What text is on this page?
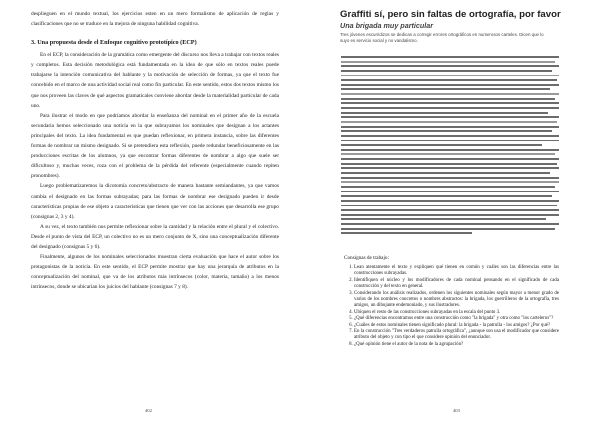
desplieguen en el mundo textual, los ejercicios esten en un mero formalismo de aplicación de reglas y clasificaciones que no se traduce en la mejora de ninguna habilidad cognitiva.

3. Una propuesta desde el Enfoque cognitivo prototípico (ECP)

En el ECP, la consideración de la gramática como emergente del discurso nos lleva a trabajar con textos reales y completos. Esta decisión metodológica está fundamentada en la idea de que sólo en textos reales puede trabajarse la intención comunicativa del hablante y la motivación de selección de formas, ya que el texto fue concebido en el marco de una actividad social real como fin particular. En este sentido, estos dos textos mismo los que nos proveen las claves de qué aspectos gramaticales conviene abordar desde la materialidad particular de cada uno.

Para ilustrar el modo en que podríamos abordar la enseñanza del nominal en el primer año de la escuela secundaria hemos seleccionado una noticia en la que subrayamos los nominales que designan a los actantes principales del texto. La idea fundamental es que puedan reflexionar, en primera instancia, sobre las diferentes formas de nombrar un mismo designado. Si se pretendiera esta reflexión, puede redundar beneficiosamente en las producciones escritas de los alumnos, ya que encontrar formas diferentes de nombrar a algo que suele ser dificultoso y, muchas veces, roza con el problema de la pérdida del referente (especialmente cuando repiten pronombres).

Luego problematizaremos la dicotomía concreto/abstracto de manera bastante semiandantes, ya que vamos cambia el designado en las formas subrayadas; para las formas de nombrar ese designado pueden ir desde características propias de ese objeto a características que tienen que ver con las acciones que desarrolla ese grupo (consignas 2, 3 y 4).

A su vez, el texto también nos permite reflexionar sobre la cantidad y la relación entre el plural y el colectivo. Desde el punto de vista del ECP, un colectivo no es un mero conjunto de X, sino una conceptualización diferente del designado (consignas 5 y 6).

Finalmente, algunos de los nominales seleccionados muestran cierta evaluación que hace el autor sobre los protagonistas de la noticia. En este sentido, el ECP permite mostrar que hay una jerarquía de atributos en la conceptualización del nominal, que va de los atributos más intrínsecos (color, materia, tamaño) a los menos intrínsecos, donde se ubicarían los juicios del hablante (consignas 7 y 8).

402
Graffiti sí, pero sin faltas de ortografía, por favor
Una brigada muy particular
Tres jóvenes escurridizos se dedican a corregir errores ortográficos en numerosos carteles. Dicen que lo suyo es servicio social y no vandalismo.
Consignas de trabajo:
1. Lean atentamente el texto y expliquen qué tienen en común y cuáles son las diferencias entre las construcciones subrayadas.
2. Identifiquen el núcleo y los modificadores de cada nominal pensando en el significado de cada construcción y del texto en general.
3. Considerando los análisis realizados, ordenen los siguientes nominales según mayor a menor grado de varios de los nombres concretos o nombres abstractos: la brigada, los guerrilleros de la ortografía, tres amigos, un dibujante endemoniado, y sus ilustradores.
4. Ubiquen el resto de las construcciones subrayadas en la escala del punto 3.
5. ¿Qué diferencias encontramos entre una construcción como "la brigada" y otra como "los carteleros"?
6. ¿Cuáles de estos nominales tienen significado plural: la brigada - la patrulla - los amigos? ¿Por qué?
7. En la construcción "Tres verdaderos patrulla ortográfica", ¿aunque son usa el modificador que considere atributo del objeto y con tipo el que considere opinión del enunciador.
8. ¿Qué opinión tiene el autor de la nota de la agrupación?
403
